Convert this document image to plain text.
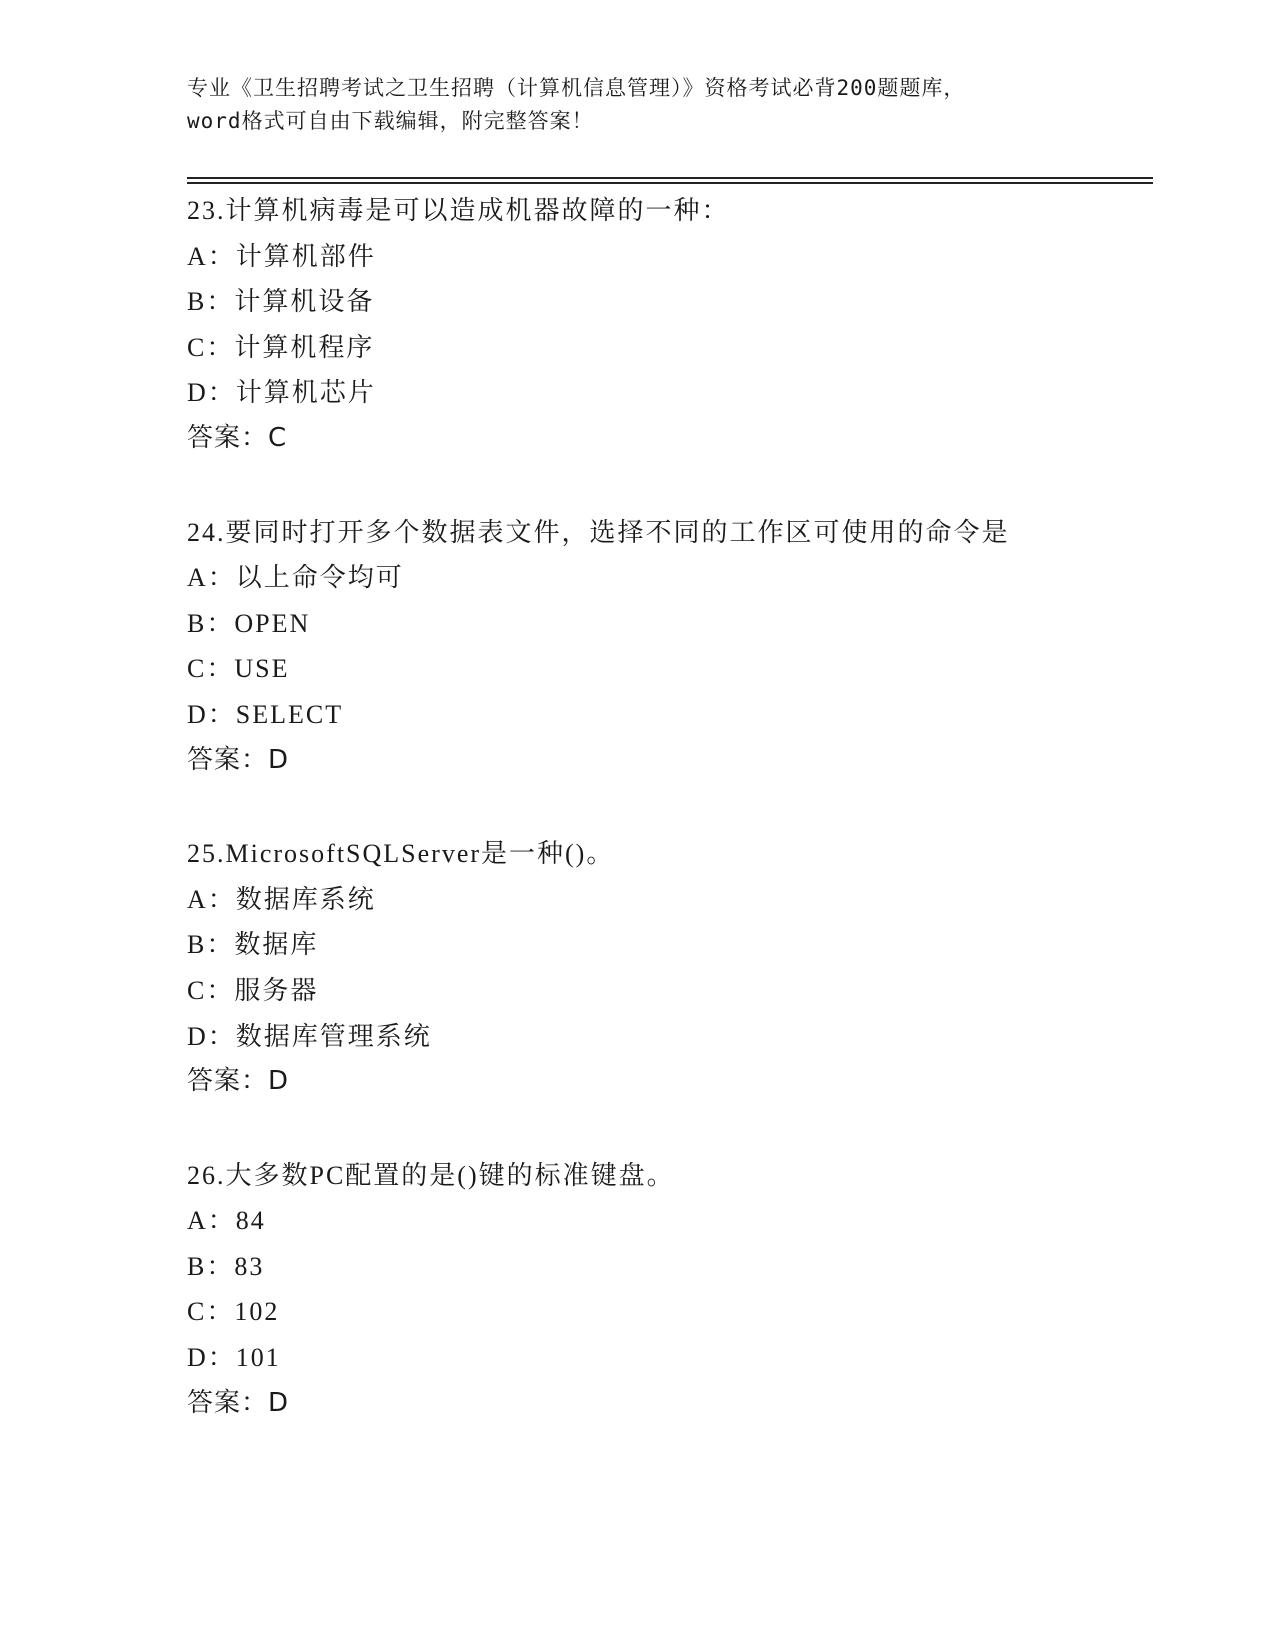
专业《卫生招聘考试之卫生招聘（计算机信息管理）》资格考试必背200题题库，
word格式可自由下载编辑，附完整答案！
23.计算机病毒是可以造成机器故障的一种：
A：计算机部件
B：计算机设备
C：计算机程序
D：计算机芯片
答案：C
24.要同时打开多个数据表文件，选择不同的工作区可使用的命令是
A：以上命令均可
B：OPEN
C：USE
D：SELECT
答案：D
25.MicrosoftSQLServer是一种()。
A：数据库系统
B：数据库
C：服务器
D：数据库管理系统
答案：D
26.大多数PC配置的是()键的标准键盘。
A：84
B：83
C：102
D：101
答案：D
